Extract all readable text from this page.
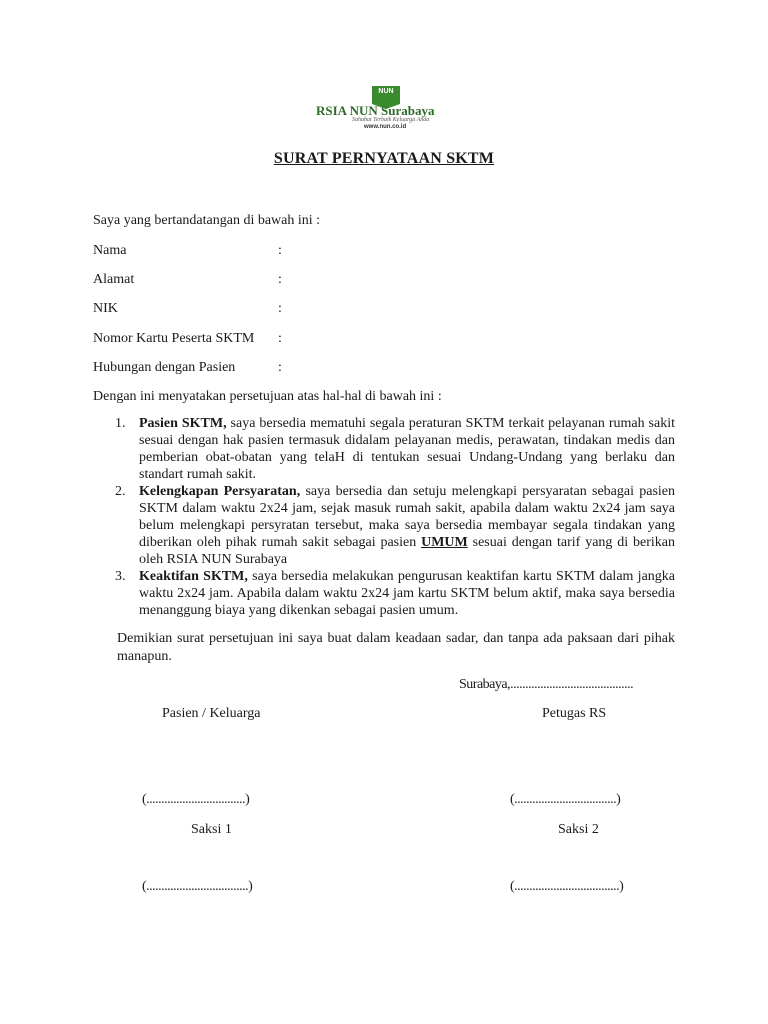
NUN
RSIA NUN Surabaya
Sahabat Terbaik Keluarga Anda
www.nun.co.id
SURAT PERNYATAAN SKTM
Saya yang bertandatangan di bawah ini :
Nama	:
Alamat	:
NIK	:
Nomor Kartu Peserta SKTM :
Hubungan dengan Pasien	:
Dengan ini menyatakan persetujuan atas hal-hal di bawah ini :
1. Pasien SKTM, saya bersedia mematuhi segala peraturan SKTM terkait pelayanan rumah sakit sesuai dengan hak pasien termasuk didalam pelayanan medis, perawatan, tindakan medis dan pemberian obat-obatan yang telaH di tentukan sesuai Undang-Undang yang berlaku dan standart rumah sakit.
2. Kelengkapan Persyaratan, saya bersedia dan setuju melengkapi persyaratan sebagai pasien SKTM dalam waktu 2x24 jam, sejak masuk rumah sakit, apabila dalam waktu 2x24 jam saya belum melengkapi persyratan tersebut, maka saya bersedia membayar segala tindakan yang diberikan oleh pihak rumah sakit sebagai pasien UMUM sesuai dengan tarif yang di berikan oleh RSIA NUN Surabaya
3. Keaktifan SKTM, saya bersedia melakukan pengurusan keaktifan kartu SKTM dalam jangka waktu 2x24 jam. Apabila dalam waktu 2x24 jam kartu SKTM belum aktif, maka saya bersedia menanggung biaya yang dikenkan sebagai pasien umum.
Demikian surat persetujuan ini saya buat dalam keadaan sadar, dan tanpa ada paksaan dari pihak manapun.
Surabaya,.........................................
Pasien / Keluarga	Petugas RS
(.................................)	(..................................)
Saksi 1	Saksi 2
(..................................)	(...................................)
